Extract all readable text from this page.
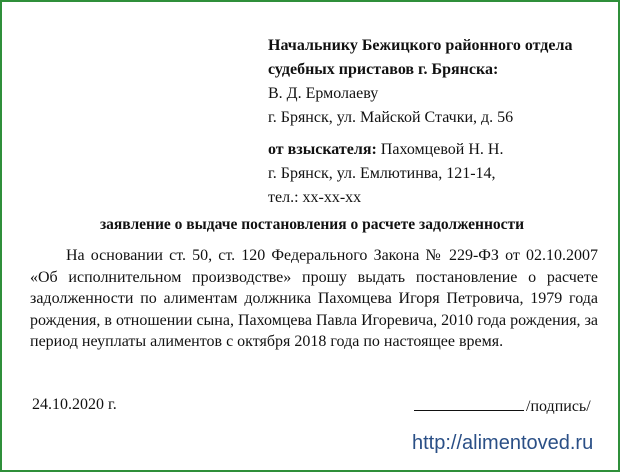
Начальнику Бежицкого районного отдела
судебных приставов г. Брянска:
В. Д. Ермолаеву
г. Брянск, ул. Майской Стачки, д. 56
от взыскателя: Пахомцевой Н. Н.
г. Брянск, ул. Емлютинва, 121-14,
тел.: хх-хх-хх
заявление о выдаче постановления о расчете задолженности
На основании ст. 50, ст. 120 Федерального Закона № 229-ФЗ от 02.10.2007 «Об исполнительном производстве» прошу выдать постановление о расчете задолженности по алиментам должника Пахомцева Игоря Петровича, 1979 года рождения, в отношении сына, Пахомцева Павла Игоревича, 2010 года рождения, за период неуплаты алиментов с октября 2018 года по настоящее время.
24.10.2020 г.	/подпись/
http://alimentoved.ru
